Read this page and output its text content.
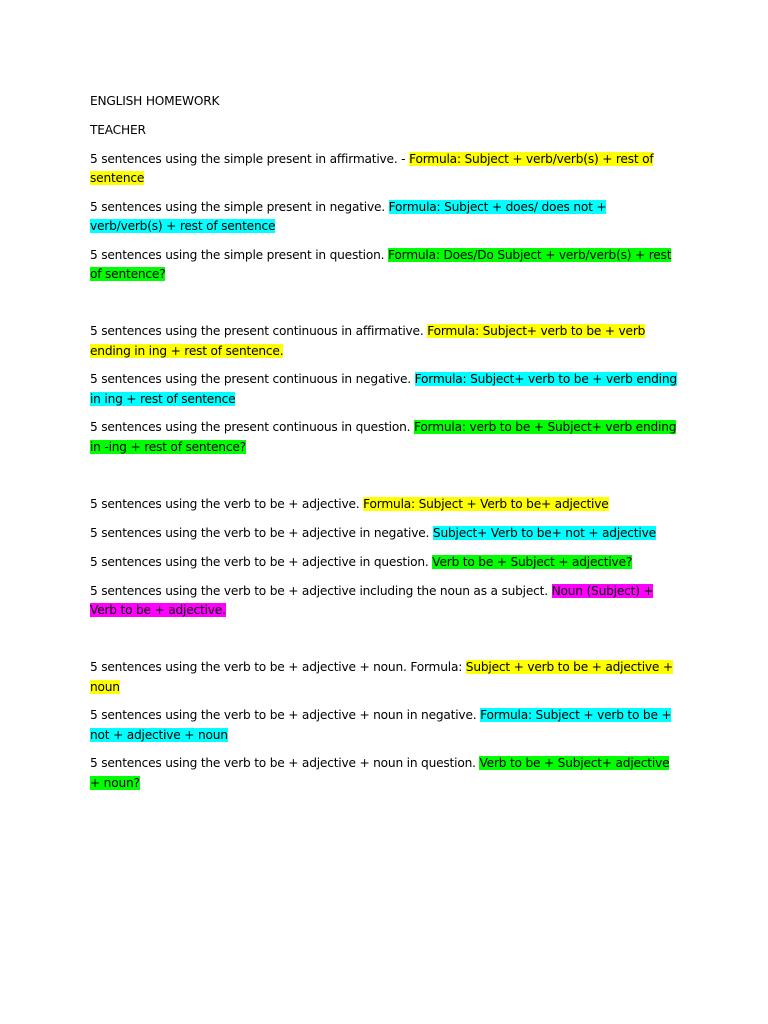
ENGLISH HOMEWORK

TEACHER

5 sentences using the simple present in affirmative. - Formula: Subject + verb/verb(s) + rest of sentence

5 sentences using the simple present in negative. Formula: Subject + does/ does not + verb/verb(s) + rest of sentence

5 sentences using the simple present in question. Formula: Does/Do Subject + verb/verb(s) + rest of sentence?

5 sentences using the present continuous in affirmative. Formula: Subject+ verb to be + verb ending in ing + rest of sentence.

5 sentences using the present continuous in negative. Formula: Subject+ verb to be + verb ending in ing + rest of sentence

5 sentences using the present continuous in question. Formula: verb to be + Subject+ verb ending in -ing + rest of sentence?

5 sentences using the verb to be + adjective. Formula: Subject + Verb to be+ adjective

5 sentences using the verb to be + adjective in negative. Subject+ Verb to be+ not + adjective

5 sentences using the verb to be + adjective in question. Verb to be + Subject + adjective?

5 sentences using the verb to be + adjective including the noun as a subject. Noun (Subject) + Verb to be + adjective.

5 sentences using the verb to be + adjective + noun. Formula: Subject + verb to be + adjective + noun

5 sentences using the verb to be + adjective + noun in negative. Formula: Subject + verb to be + not + adjective + noun

5 sentences using the verb to be + adjective + noun in question. Verb to be + Subject+ adjective + noun?
